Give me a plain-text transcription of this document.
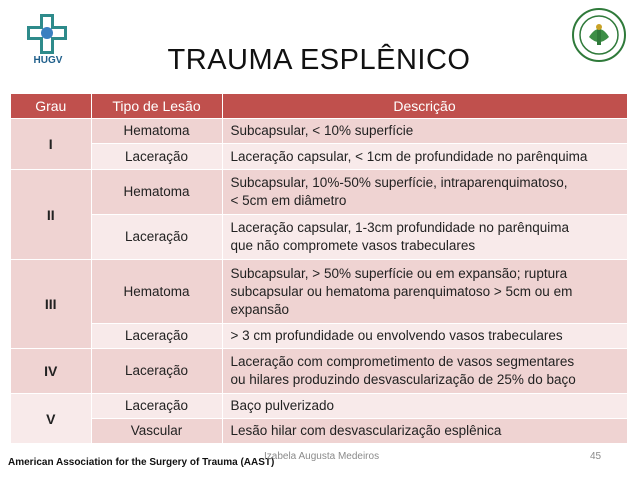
HUGV	TRAUMA ESPLÊNICO
Grau	Tipo de Lesão	Descrição
I	Hematoma	Subcapsular, < 10% superfície
	Laceração	Laceração capsular, < 1cm de profundidade no parênquima
II	Hematoma	Subcapsular, 10%-50% superfície, intraparenquimatoso,
< 5cm em diâmetro
	Laceração	Laceração capsular, 1-3cm profundidade no parênquima
que não compromete vasos trabeculares
III	Hematoma	Subcapsular, > 50% superfície ou em expansão; ruptura
subcapsular ou hematoma parenquimatoso > 5cm ou em
expansão
	Laceração	> 3 cm profundidade ou envolvendo vasos trabeculares
IV	Laceração	Laceração com comprometimento de vasos segmentares
ou hilares produzindo desvascularização de 25% do baço
V	Laceração	Baço pulverizado
	Vascular	Lesão hilar com desvascularização esplênica
American Association for the Surgery of Trauma (AAST)
Izabela Augusta Medeiros	45
